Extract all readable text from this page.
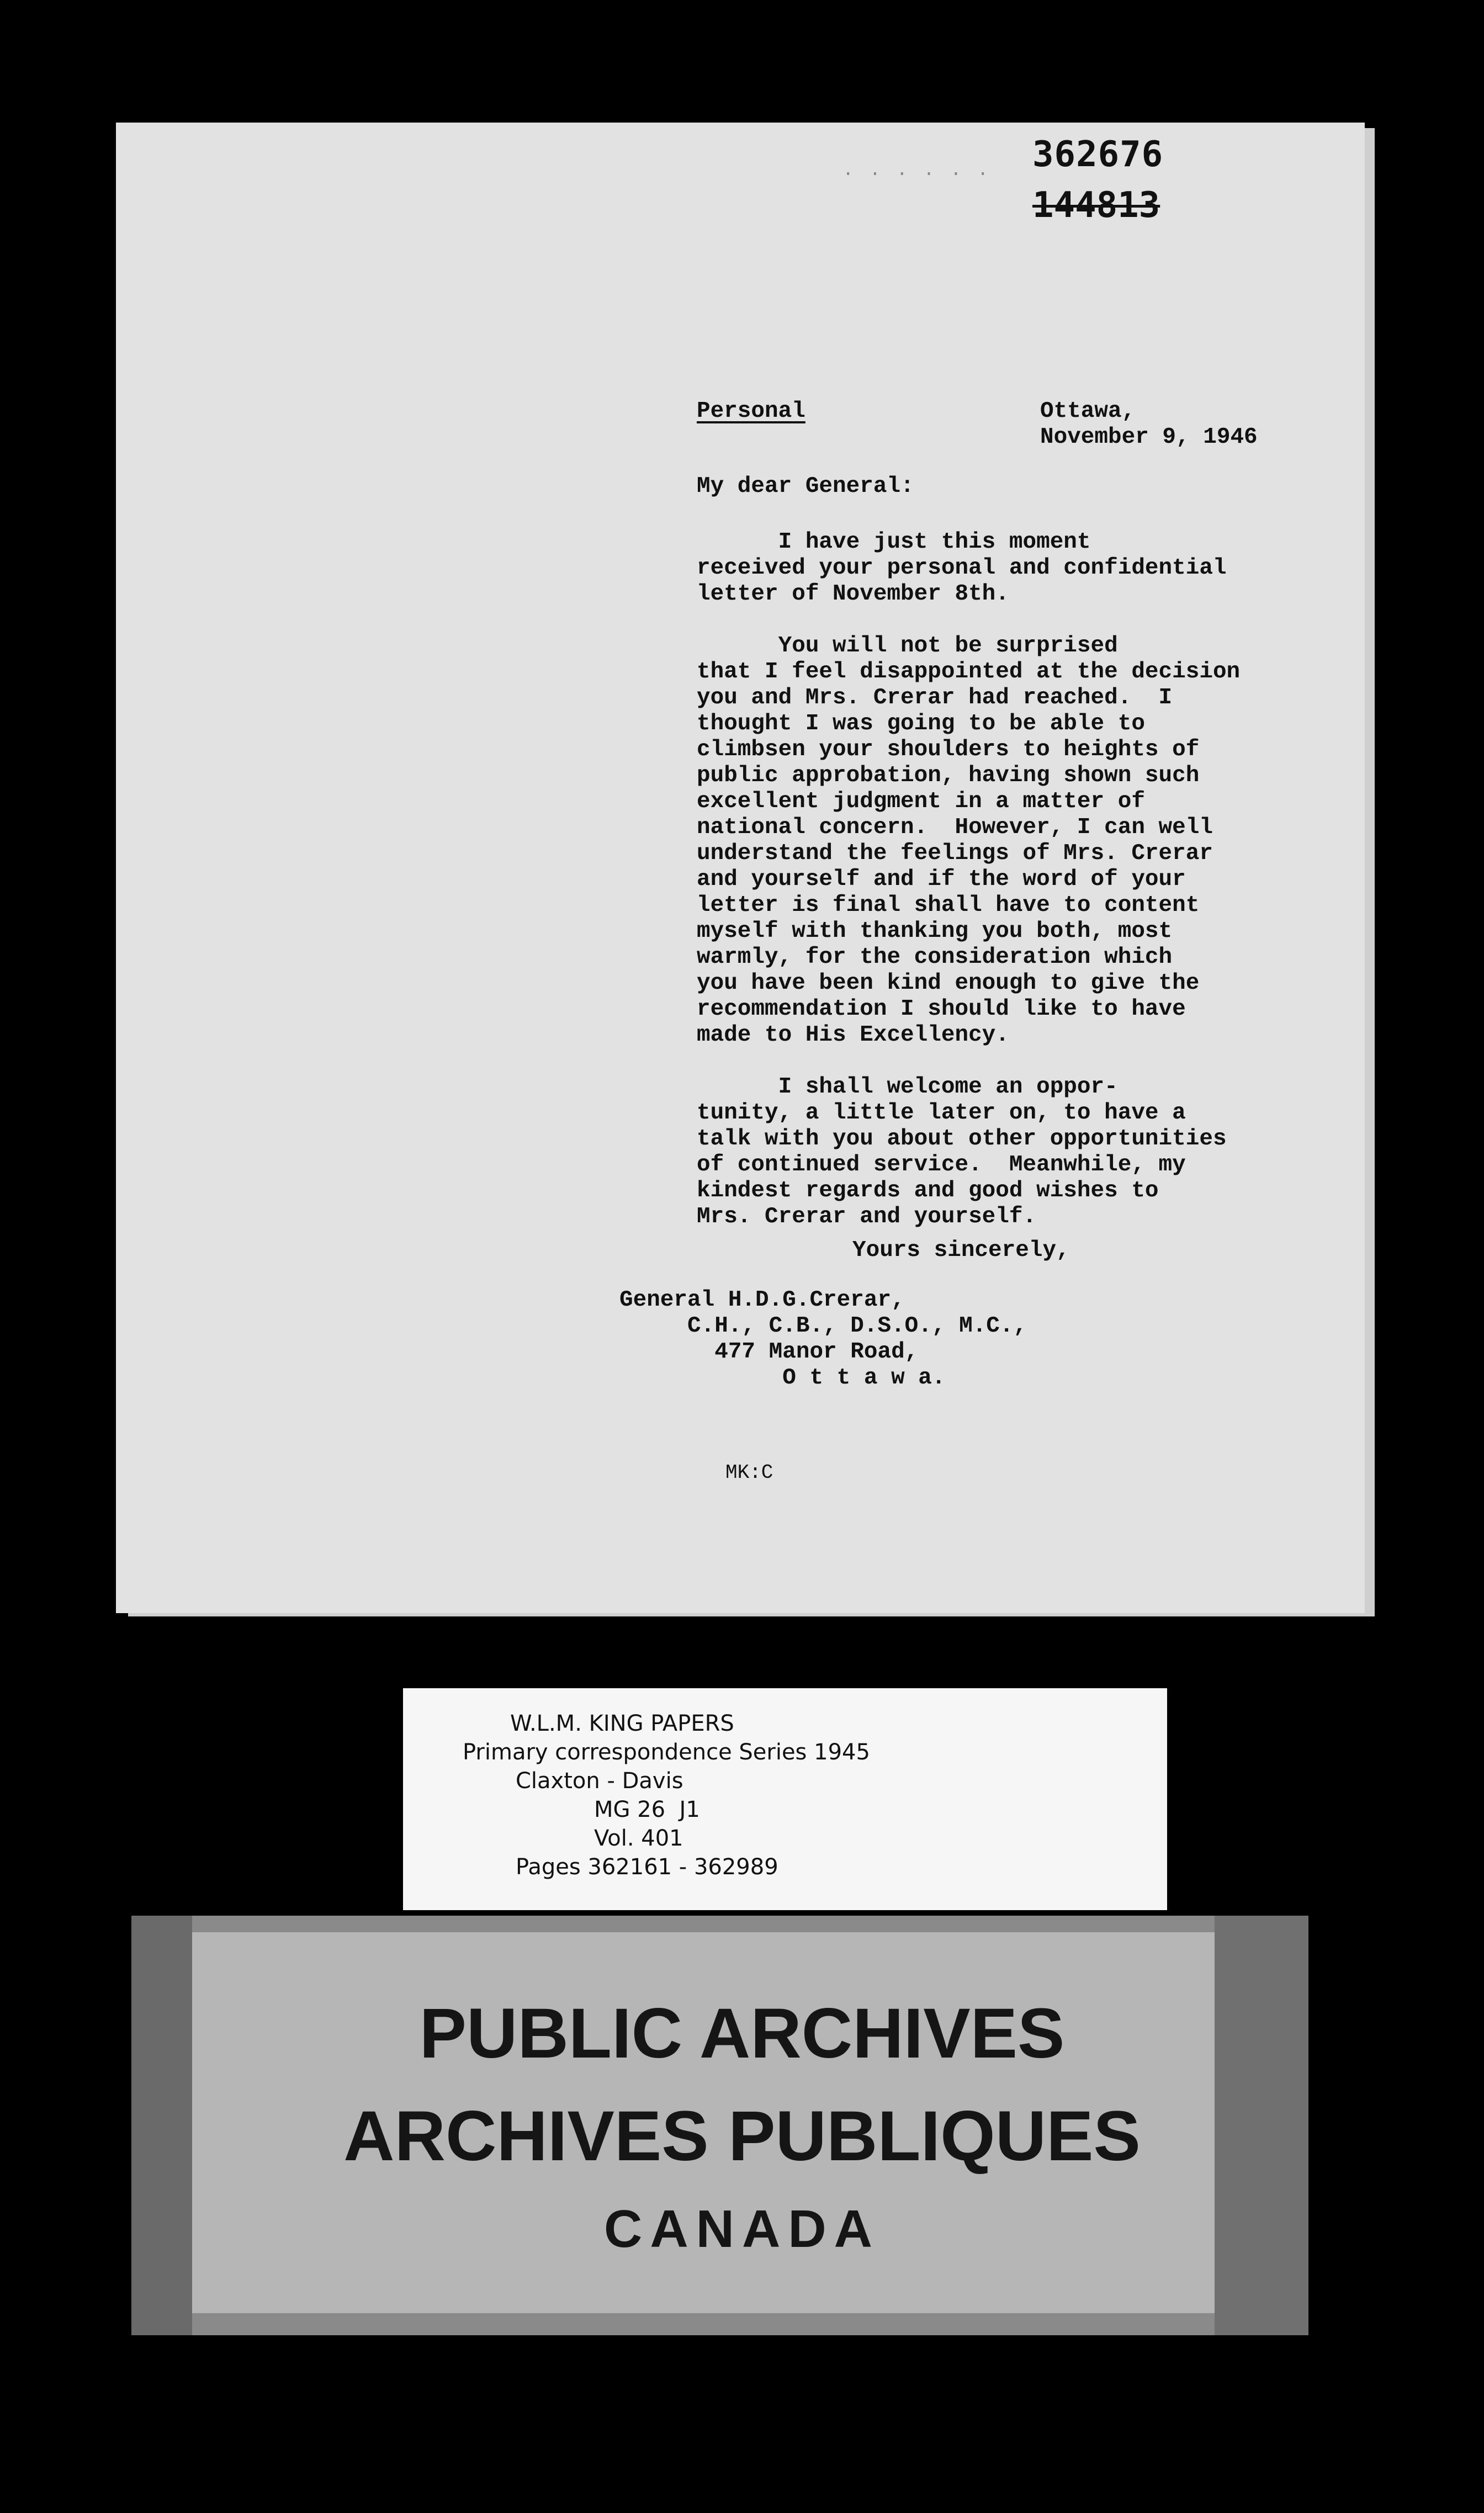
. . . . . . 362676
144813
Personal	Ottawa,
November 9, 1946
My dear General:
I have just this moment
received your personal and confidential
letter of November 8th.

You will not be surprised
that I feel disappointed at the decision
you and Mrs. Crerar had reached.  I
thought I was going to be able to
climbsen your shoulders to heights of
public approbation, having shown such
excellent judgment in a matter of
national concern.  However, I can well
understand the feelings of Mrs. Crerar
and yourself and if the word of your
letter is final shall have to content
myself with thanking you both, most
warmly, for the consideration which
you have been kind enough to give the
recommendation I should like to have
made to His Excellency.

I shall welcome an oppor-
tunity, a little later on, to have a
talk with you about other opportunities
of continued service.  Meanwhile, my
kindest regards and good wishes to
Mrs. Crerar and yourself.
Yours sincerely,
General H.D.G.Crerar,
C.H., C.B., D.S.O., M.C.,
477 Manor Road,
O t t a w a.
MK:C
W.L.M. KING PAPERS
Primary correspondence Series 1945
Claxton - Davis
MG 26  J1
Vol. 401
Pages 362161 - 362989
PUBLIC ARCHIVES
ARCHIVES PUBLIQUES
CANADA
